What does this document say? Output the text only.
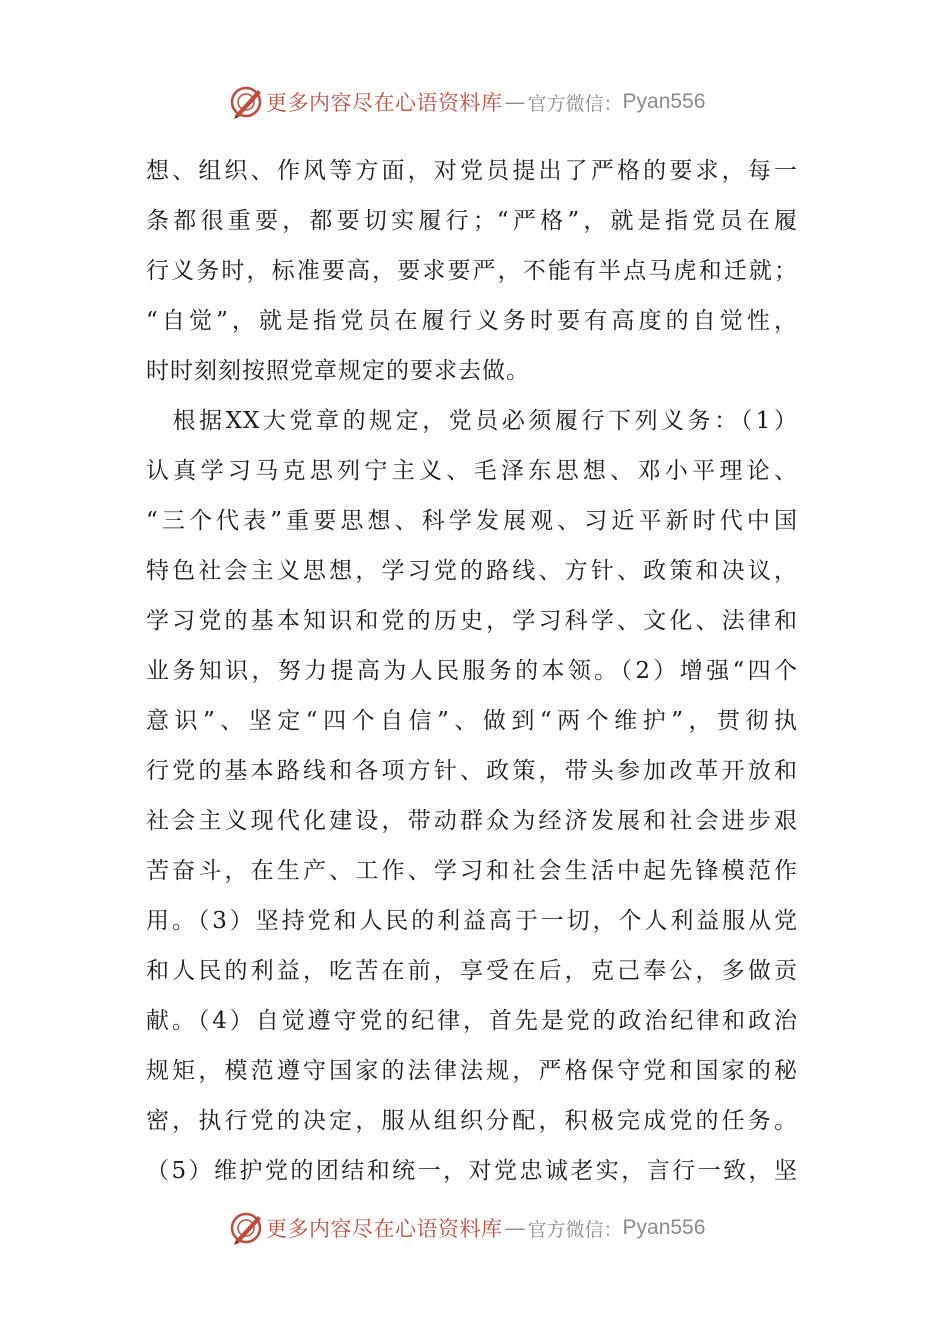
更多内容尽在心语资料库 — 官方微信： Pyan556
想、组织、作风等方面，对党员提出了严格的要求，每一
条都很重要，都要切实履行；“严格”，就是指党员在履
行义务时，标准要高，要求要严，不能有半点马虎和迁就；
“自觉”，就是指党员在履行义务时要有高度的自觉性，
时时刻刻按照党章规定的要求去做。
　根据XX大党章的规定，党员必须履行下列义务：（1）
认真学习马克思列宁主义、毛泽东思想、邓小平理论、
“三个代表”重要思想、科学发展观、习近平新时代中国
特色社会主义思想，学习党的路线、方针、政策和决议，
学习党的基本知识和党的历史，学习科学、文化、法律和
业务知识，努力提高为人民服务的本领。（2）增强“四个
意识”、坚定“四个自信”、做到“两个维护”，贯彻执
行党的基本路线和各项方针、政策，带头参加改革开放和
社会主义现代化建设，带动群众为经济发展和社会进步艰
苦奋斗，在生产、工作、学习和社会生活中起先锋模范作
用。（3）坚持党和人民的利益高于一切，个人利益服从党
和人民的利益，吃苦在前，享受在后，克己奉公，多做贡
献。（4）自觉遵守党的纪律，首先是党的政治纪律和政治
规矩，模范遵守国家的法律法规，严格保守党和国家的秘
密，执行党的决定，服从组织分配，积极完成党的任务。
（5）维护党的团结和统一，对党忠诚老实，言行一致，坚
更多内容尽在心语资料库 — 官方微信： Pyan556
